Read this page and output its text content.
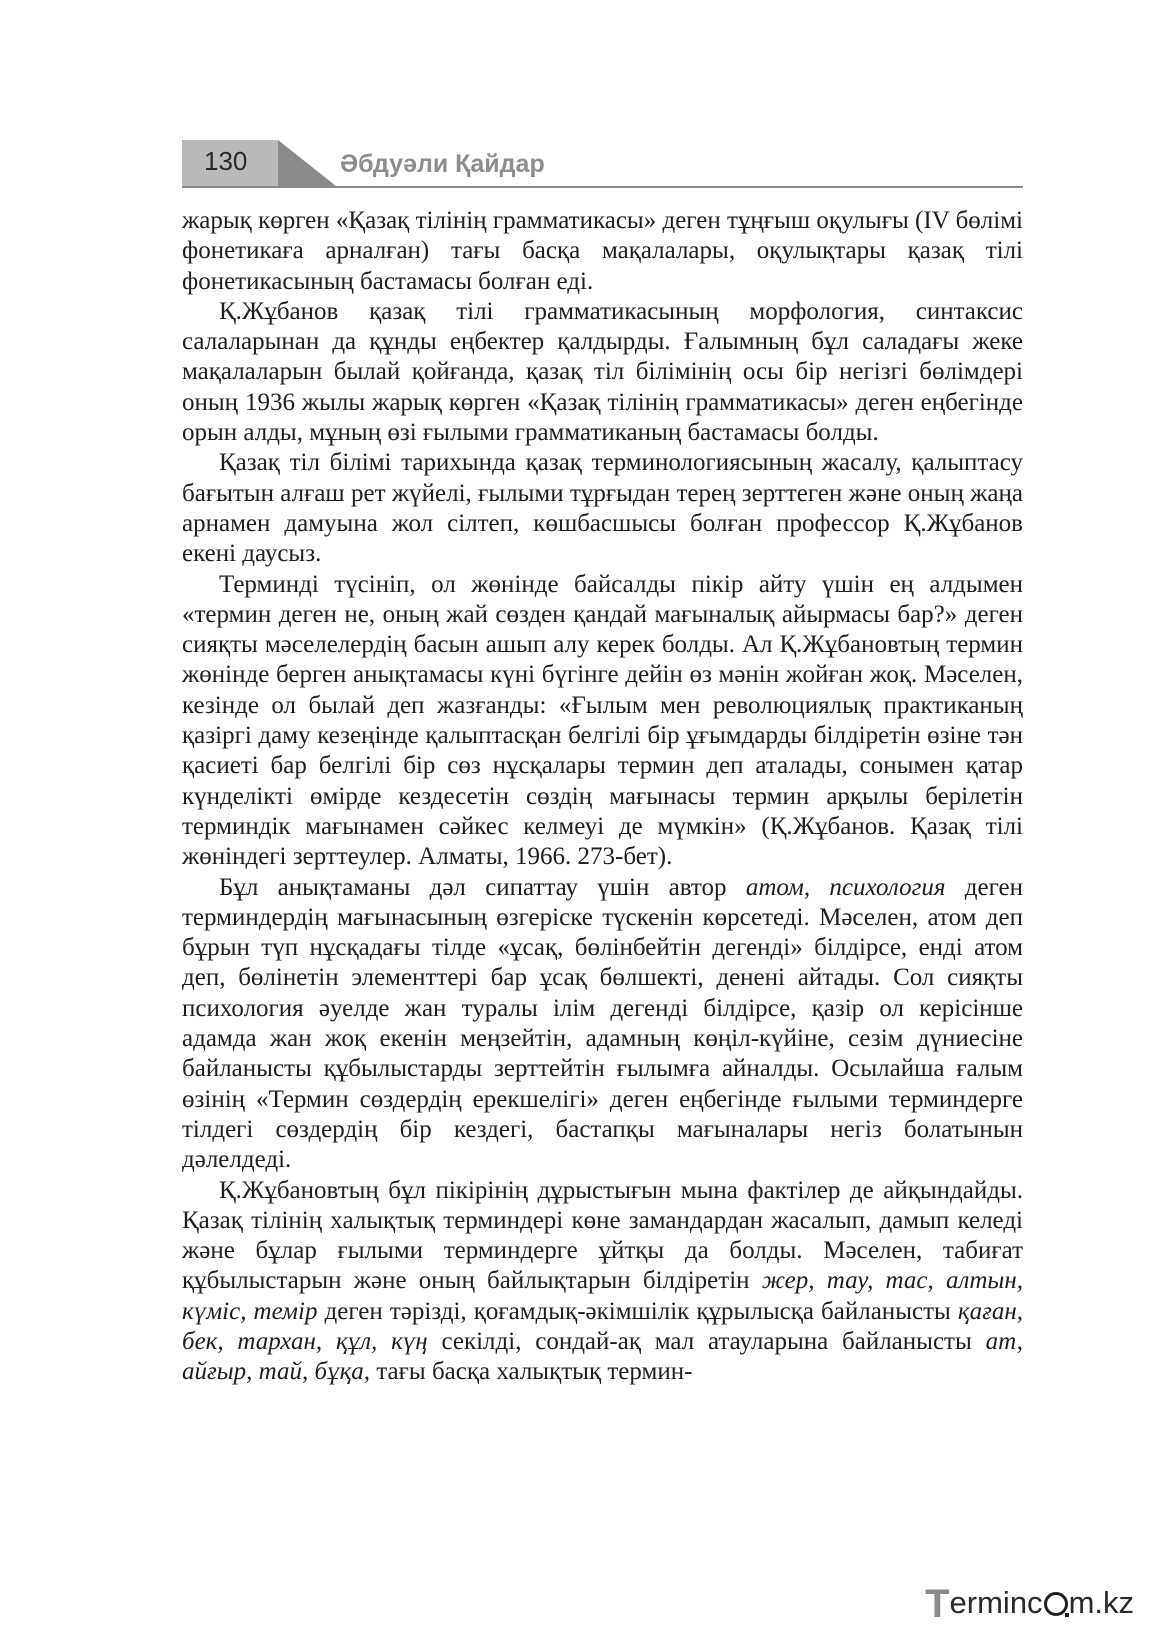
130	Әбдуәли Қайдар

жарық көрген «Қазақ тілінің грамматикасы» деген тұңғыш оқулығы (IV бөлімі фонетикаға арналған) тағы басқа мақалалары, оқулықтары қазақ тілі фонетикасының бастамасы болған еді.

Қ.Жұбанов қазақ тілі грамматикасының морфология, синтаксис салаларынан да құнды еңбектер қалдырды. Ғалымның бұл саладағы жеке мақалаларын былай қойғанда, қазақ тіл білімінің осы бір негізгі бөлімдері оның 1936 жылы жарық көрген «Қазақ тілінің грамматикасы» деген еңбегінде орын алды, мұның өзі ғылыми грамматиканың бастамасы болды.

Қазақ тіл білімі тарихында қазақ терминологиясының жасалу, қалыптасу бағытын алғаш рет жүйелі, ғылыми тұрғыдан терең зерттеген және оның жаңа арнамен дамуына жол сілтеп, көшбасшысы болған профессор Қ.Жұбанов екені даусыз.

Терминді түсініп, ол жөнінде байсалды пікір айту үшін ең алдымен «термин деген не, оның жай сөзден қандай мағыналық айырмасы бар?» деген сияқты мәселелердің басын ашып алу керек болды. Ал Қ.Жұбановтың термин жөнінде берген анықтамасы күні бүгінге дейін өз мәнін жойған жоқ. Мәселен, кезінде ол былай деп жазғанды: «Ғылым мен революциялық практиканың қазіргі даму кезеңінде қалыптасқан белгілі бір ұғымдарды білдіретін өзіне тән қасиеті бар белгілі бір сөз нұсқалары термин деп аталады, сонымен қатар күнделікті өмірде кездесетін сөздің мағынасы термин арқылы берілетін терминдік мағынамен сәйкес келмеуі де мүмкін» (Қ.Жұбанов. Қазақ тілі жөніндегі зерттеулер. Алматы, 1966. 273-бет).

Бұл анықтаманы дәл сипаттау үшін автор атом, психология деген терминдердің мағынасының өзгеріске түскенін көрсетеді. Мәселен, атом деп бұрын түп нұсқадағы тілде «ұсақ, бөлінбейтін дегенді» білдірсе, енді атом деп, бөлінетін элементтері бар ұсақ бөлшекті, денені айтады. Сол сияқты психология әуелде жан туралы ілім дегенді білдірсе, қазір ол керісінше адамда жан жоқ екенін меңзейтін, адамның көңіл-күйіне, сезім дүниесіне байланысты құбылыстарды зерттейтін ғылымға айналды. Осылайша ғалым өзінің «Термин сөздердің ерекшелігі» деген еңбегінде ғылыми терминдерге тілдегі сөздердің бір кездегі, бастапқы мағыналары негіз болатынын дәлелдеді.

Қ.Жұбановтың бұл пікірінің дұрыстығын мына фактілер де айқындайды. Қазақ тілінің халықтық терминдері көне замандардан жасалып, дамып келеді және бұлар ғылыми терминдерге ұйтқы да болды. Мәселен, табиғат құбылыстарын және оның байлықтарын білдіретін жер, тау, тас, алтын, күміс, темір деген тәрізді, қоғамдық-әкімшілік құрылысқа байланысты қаған, бек, тархан, құл, күң секілді, сондай-ақ мал атауларына байланысты ат, айғыр, тай, бұқа, тағы басқа халықтық термин-

T erminc m.kz
